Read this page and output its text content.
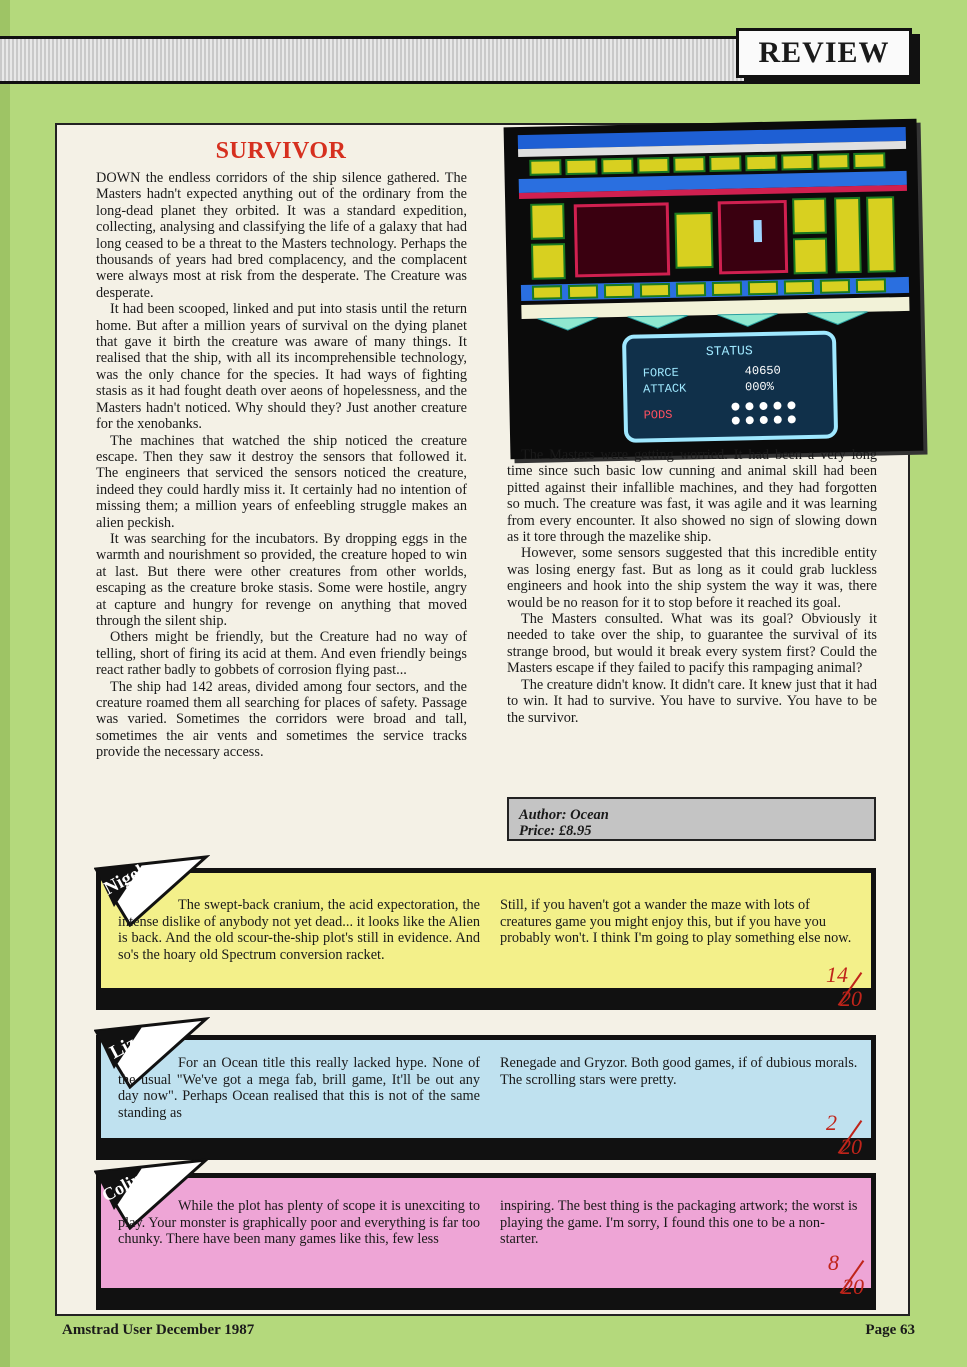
REVIEW
SURVIVOR

DOWN the endless corridors of the ship silence gathered. The Masters hadn't expected anything out of the ordinary from the long-dead planet they orbited. It was a standard expedition, collecting, analysing and classifying the life of a galaxy that had long ceased to be a threat to the Masters technology. Perhaps the thousands of years had bred complacency, and the complacent were always most at risk from the desperate. The Creature was desperate.

It had been scooped, linked and put into stasis until the return home. But after a million years of survival on the dying planet that gave it birth the creature was aware of many things. It realised that the ship, with all its incomprehensible technology, was the only chance for the species. It had ways of fighting stasis as it had fought death over aeons of hopelessness, and the Masters hadn't noticed. Why should they? Just another creature for the xenobanks.

The machines that watched the ship noticed the creature escape. Then they saw it destroy the sensors that followed it. The engineers that serviced the sensors noticed the creature, indeed they could hardly miss it. It certainly had no intention of missing them; a million years of enfeebling struggle makes an alien peckish.

It was searching for the incubators. By dropping eggs in the warmth and nourishment so provided, the creature hoped to win at last. But there were other creatures from other worlds, escaping as the creature broke stasis. Some were hostile, angry at capture and hungry for revenge on anything that moved through the silent ship.

Others might be friendly, but the Creature had no way of telling, short of firing its acid at them. And even friendly beings react rather badly to gobbets of corrosion flying past...

The ship had 142 areas, divided among four sectors, and the creature roamed them all searching for places of safety. Passage was varied. Sometimes the corridors were broad and tall, sometimes the air vents and sometimes the service tracks provide the necessary access.

STATUS
FORCE	40650
ATTACK	000%
PODS

The Masters were getting worried. It had been a very long time since such basic low cunning and animal skill had been pitted against their infallible machines, and they had forgotten so much. The creature was fast, it was agile and it was learning from every encounter. It also showed no sign of slowing down as it tore through the mazelike ship.

However, some sensors suggested that this incredible entity was losing energy fast. But as long as it could grab luckless engineers and hook into the ship system the way it was, there would be no reason for it to stop before it reached its goal.

The Masters consulted. What was its goal? Obviously it needed to take over the ship, to guarantee the survival of its strange brood, but would it break every system first? Could the Masters escape if they failed to pacify this rampaging animal?

The creature didn't know. It didn't care. It knew just that it had to win. It had to survive. You have to survive. You have to be the survivor.

Author: Ocean
Price: £8.95
Nigel
The swept-back cranium, the acid expectoration, the intense dislike of anybody not yet dead... it looks like the Alien is back. And the old scour-the-ship plot's still in evidence. And so's the hoary old Spectrum conversion racket.
Still, if you haven't got a wander the maze with lots of creatures game you might enjoy this, but if you have you probably won't. I think I'm going to play something else now.
14
20
Liz	For an Ocean title this really lacked hype. None of the usual "We've got a mega fab, brill game, It'll be out any day now". Perhaps Ocean realised that this is not of the same standing as
Renegade and Gryzor. Both good games, if of dubious morals. The scrolling stars were pretty.
2
20
Colin
While the plot has plenty of scope it is unexciting to play. Your monster is graphically poor and everything is far too chunky. There have been many games like this, few less
inspiring. The best thing is the packaging artwork; the worst is playing the game. I'm sorry, I found this one to be a non-starter.
8
20
Amstrad User December 1987	Page 63
